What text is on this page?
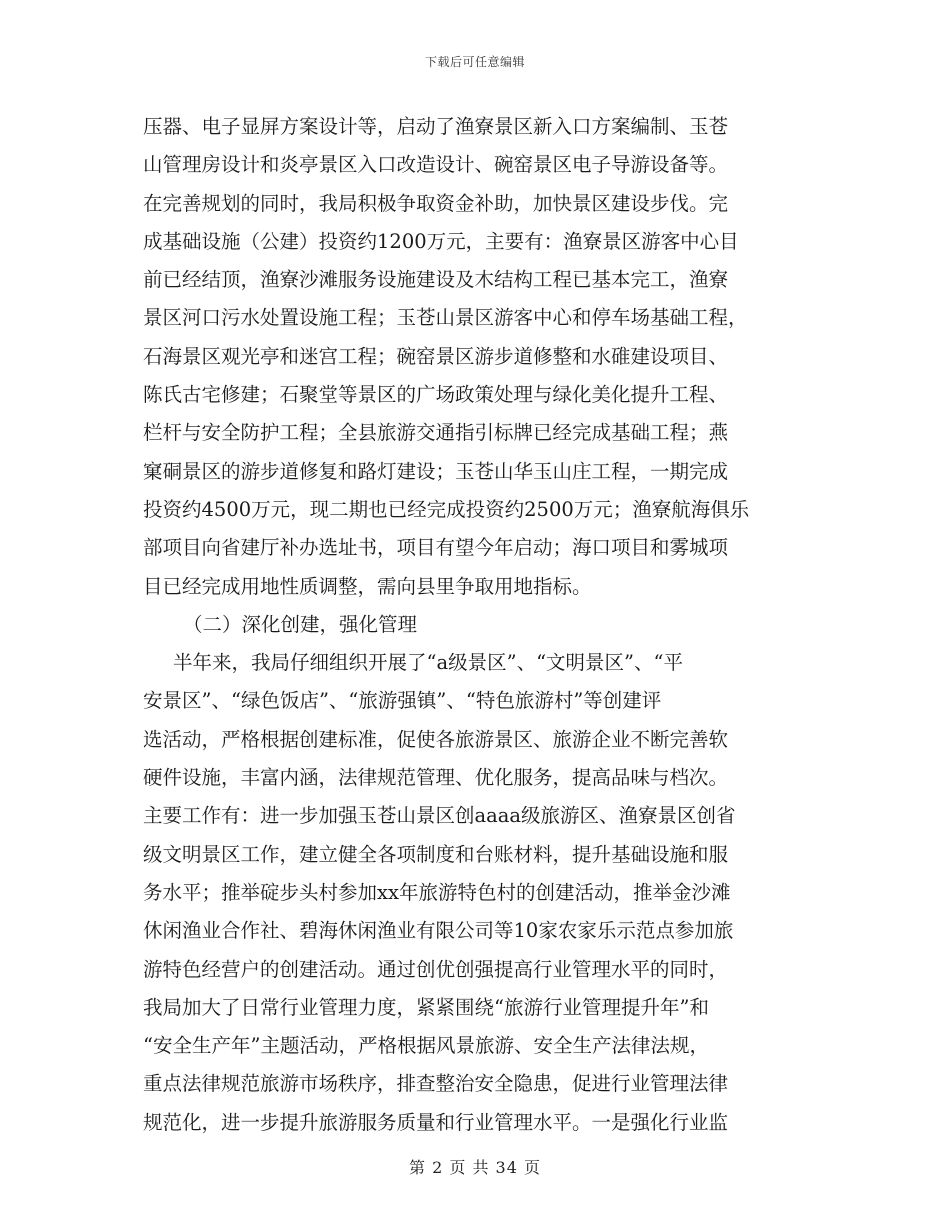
下载后可任意编辑
压器、电子显屏方案设计等，启动了渔寮景区新入口方案编制、玉苍
山管理房设计和炎亭景区入口改造设计、碗窑景区电子导游设备等。
在完善规划的同时，我局积极争取资金补助，加快景区建设步伐。完
成基础设施（公建）投资约1200万元，主要有：渔寮景区游客中心目
前已经结顶，渔寮沙滩服务设施建设及木结构工程已基本完工，渔寮
景区河口污水处置设施工程；玉苍山景区游客中心和停车场基础工程，
石海景区观光亭和迷宫工程；碗窑景区游步道修整和水碓建设项目、
陈氏古宅修建；石聚堂等景区的广场政策处理与绿化美化提升工程、
栏杆与安全防护工程；全县旅游交通指引标牌已经完成基础工程；燕
窠硐景区的游步道修复和路灯建设；玉苍山华玉山庄工程，一期完成
投资约4500万元，现二期也已经完成投资约2500万元；渔寮航海俱乐
部项目向省建厅补办选址书，项目有望今年启动；海口项目和雾城项
目已经完成用地性质调整，需向县里争取用地指标。
（二）深化创建，强化管理
半年来，我局仔细组织开展了“a级景区”、“文明景区”、“平
安景区”、“绿色饭店”、“旅游强镇”、“特色旅游村”等创建评
选活动，严格根据创建标准，促使各旅游景区、旅游企业不断完善软
硬件设施，丰富内涵，法律规范管理、优化服务，提高品味与档次。
主要工作有：进一步加强玉苍山景区创aaaa级旅游区、渔寮景区创省
级文明景区工作，建立健全各项制度和台账材料，提升基础设施和服
务水平；推举碇步头村参加xx年旅游特色村的创建活动，推举金沙滩
休闲渔业合作社、碧海休闲渔业有限公司等10家农家乐示范点参加旅
游特色经营户的创建活动。通过创优创强提高行业管理水平的同时，
我局加大了日常行业管理力度，紧紧围绕“旅游行业管理提升年”和
“安全生产年”主题活动，严格根据风景旅游、安全生产法律法规，
重点法律规范旅游市场秩序，排查整治安全隐患，促进行业管理法律
规范化，进一步提升旅游服务质量和行业管理水平。一是强化行业监
第 2 页 共 34 页
